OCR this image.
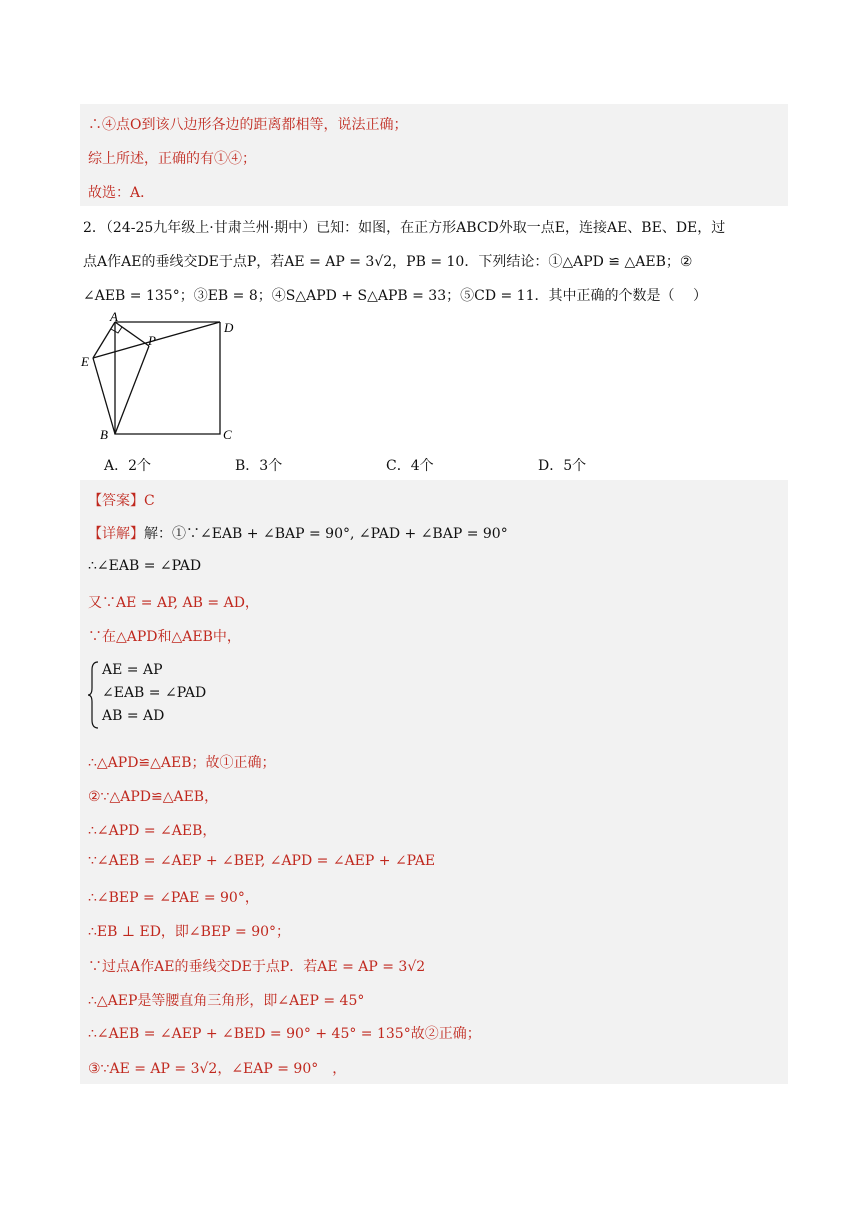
∴④点O到该八边形各边的距离都相等，说法正确；
综上所述，正确的有①④；
故选：A．
2．（24-25九年级上·甘肃兰州·期中）已知：如图，在正方形ABCD外取一点E，连接AE、BE、DE，过
点A作AE的垂线交DE于点P，若AE = AP = 3√2，PB = 10．下列结论：①△APD ≌ △AEB；②
∠AEB = 135°；③EB = 8；④S△APD + S△APB = 33；⑤CD = 11．其中正确的个数是（　 ）
A
D
P
E
B	C
A．2个	B．3个	C．4个	D．5个
【答案】C
【详解】解：①∵∠EAB + ∠BAP = 90°, ∠PAD + ∠BAP = 90°
∴∠EAB = ∠PAD
又∵AE = AP, AB = AD，
∵在△APD和△AEB中，
AE = AP
∠EAB = ∠PAD
AB = AD
∴△APD≌△AEB；故①正确；
②∵△APD≌△AEB，
∴∠APD = ∠AEB，
∵∠AEB = ∠AEP + ∠BEP, ∠APD = ∠AEP + ∠PAE
∴∠BEP = ∠PAE = 90°，
∴EB ⊥ ED，即∠BEP = 90°；
∵过点A作AE的垂线交DE于点P．若AE = AP = 3√2
∴△AEP是等腰直角三角形，即∠AEP = 45°
∴∠AEB = ∠AEP + ∠BED = 90° + 45° = 135°故②正确；
③∵AE = AP = 3√2，∠EAP = 90°　，
